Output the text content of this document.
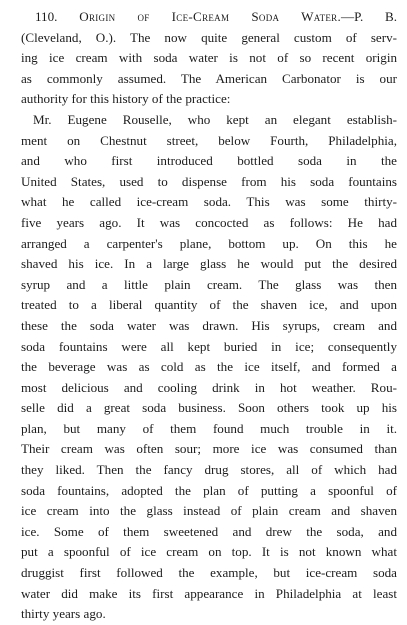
110. Origin of Ice-Cream Soda Water.—P. B.
(Cleveland, O.). The now quite general custom of serv-
ing ice cream with soda water is not of so recent origin
as commonly assumed. The American Carbonator is our
authority for this history of the practice:
Mr. Eugene Rouselle, who kept an elegant establish-
ment on Chestnut street, below Fourth, Philadelphia,
and who first introduced bottled soda in the
United States, used to dispense from his soda fountains
what he called ice-cream soda. This was some thirty-
five years ago. It was concocted as follows: He had
arranged a carpenter's plane, bottom up. On this he
shaved his ice. In a large glass he would put the desired
syrup and a little plain cream. The glass was then
treated to a liberal quantity of the shaven ice, and upon
these the soda water was drawn. His syrups, cream and
soda fountains were all kept buried in ice; consequently
the beverage was as cold as the ice itself, and formed a
most delicious and cooling drink in hot weather. Rou-
selle did a great soda business. Soon others took up his
plan, but many of them found much trouble in it.
Their cream was often sour; more ice was consumed than
they liked. Then the fancy drug stores, all of which had
soda fountains, adopted the plan of putting a spoonful of
ice cream into the glass instead of plain cream and shaven
ice. Some of them sweetened and drew the soda, and
put a spoonful of ice cream on top. It is not known what
druggist first followed the example, but ice-cream soda
water did make its first appearance in Philadelphia at least
thirty years ago.
